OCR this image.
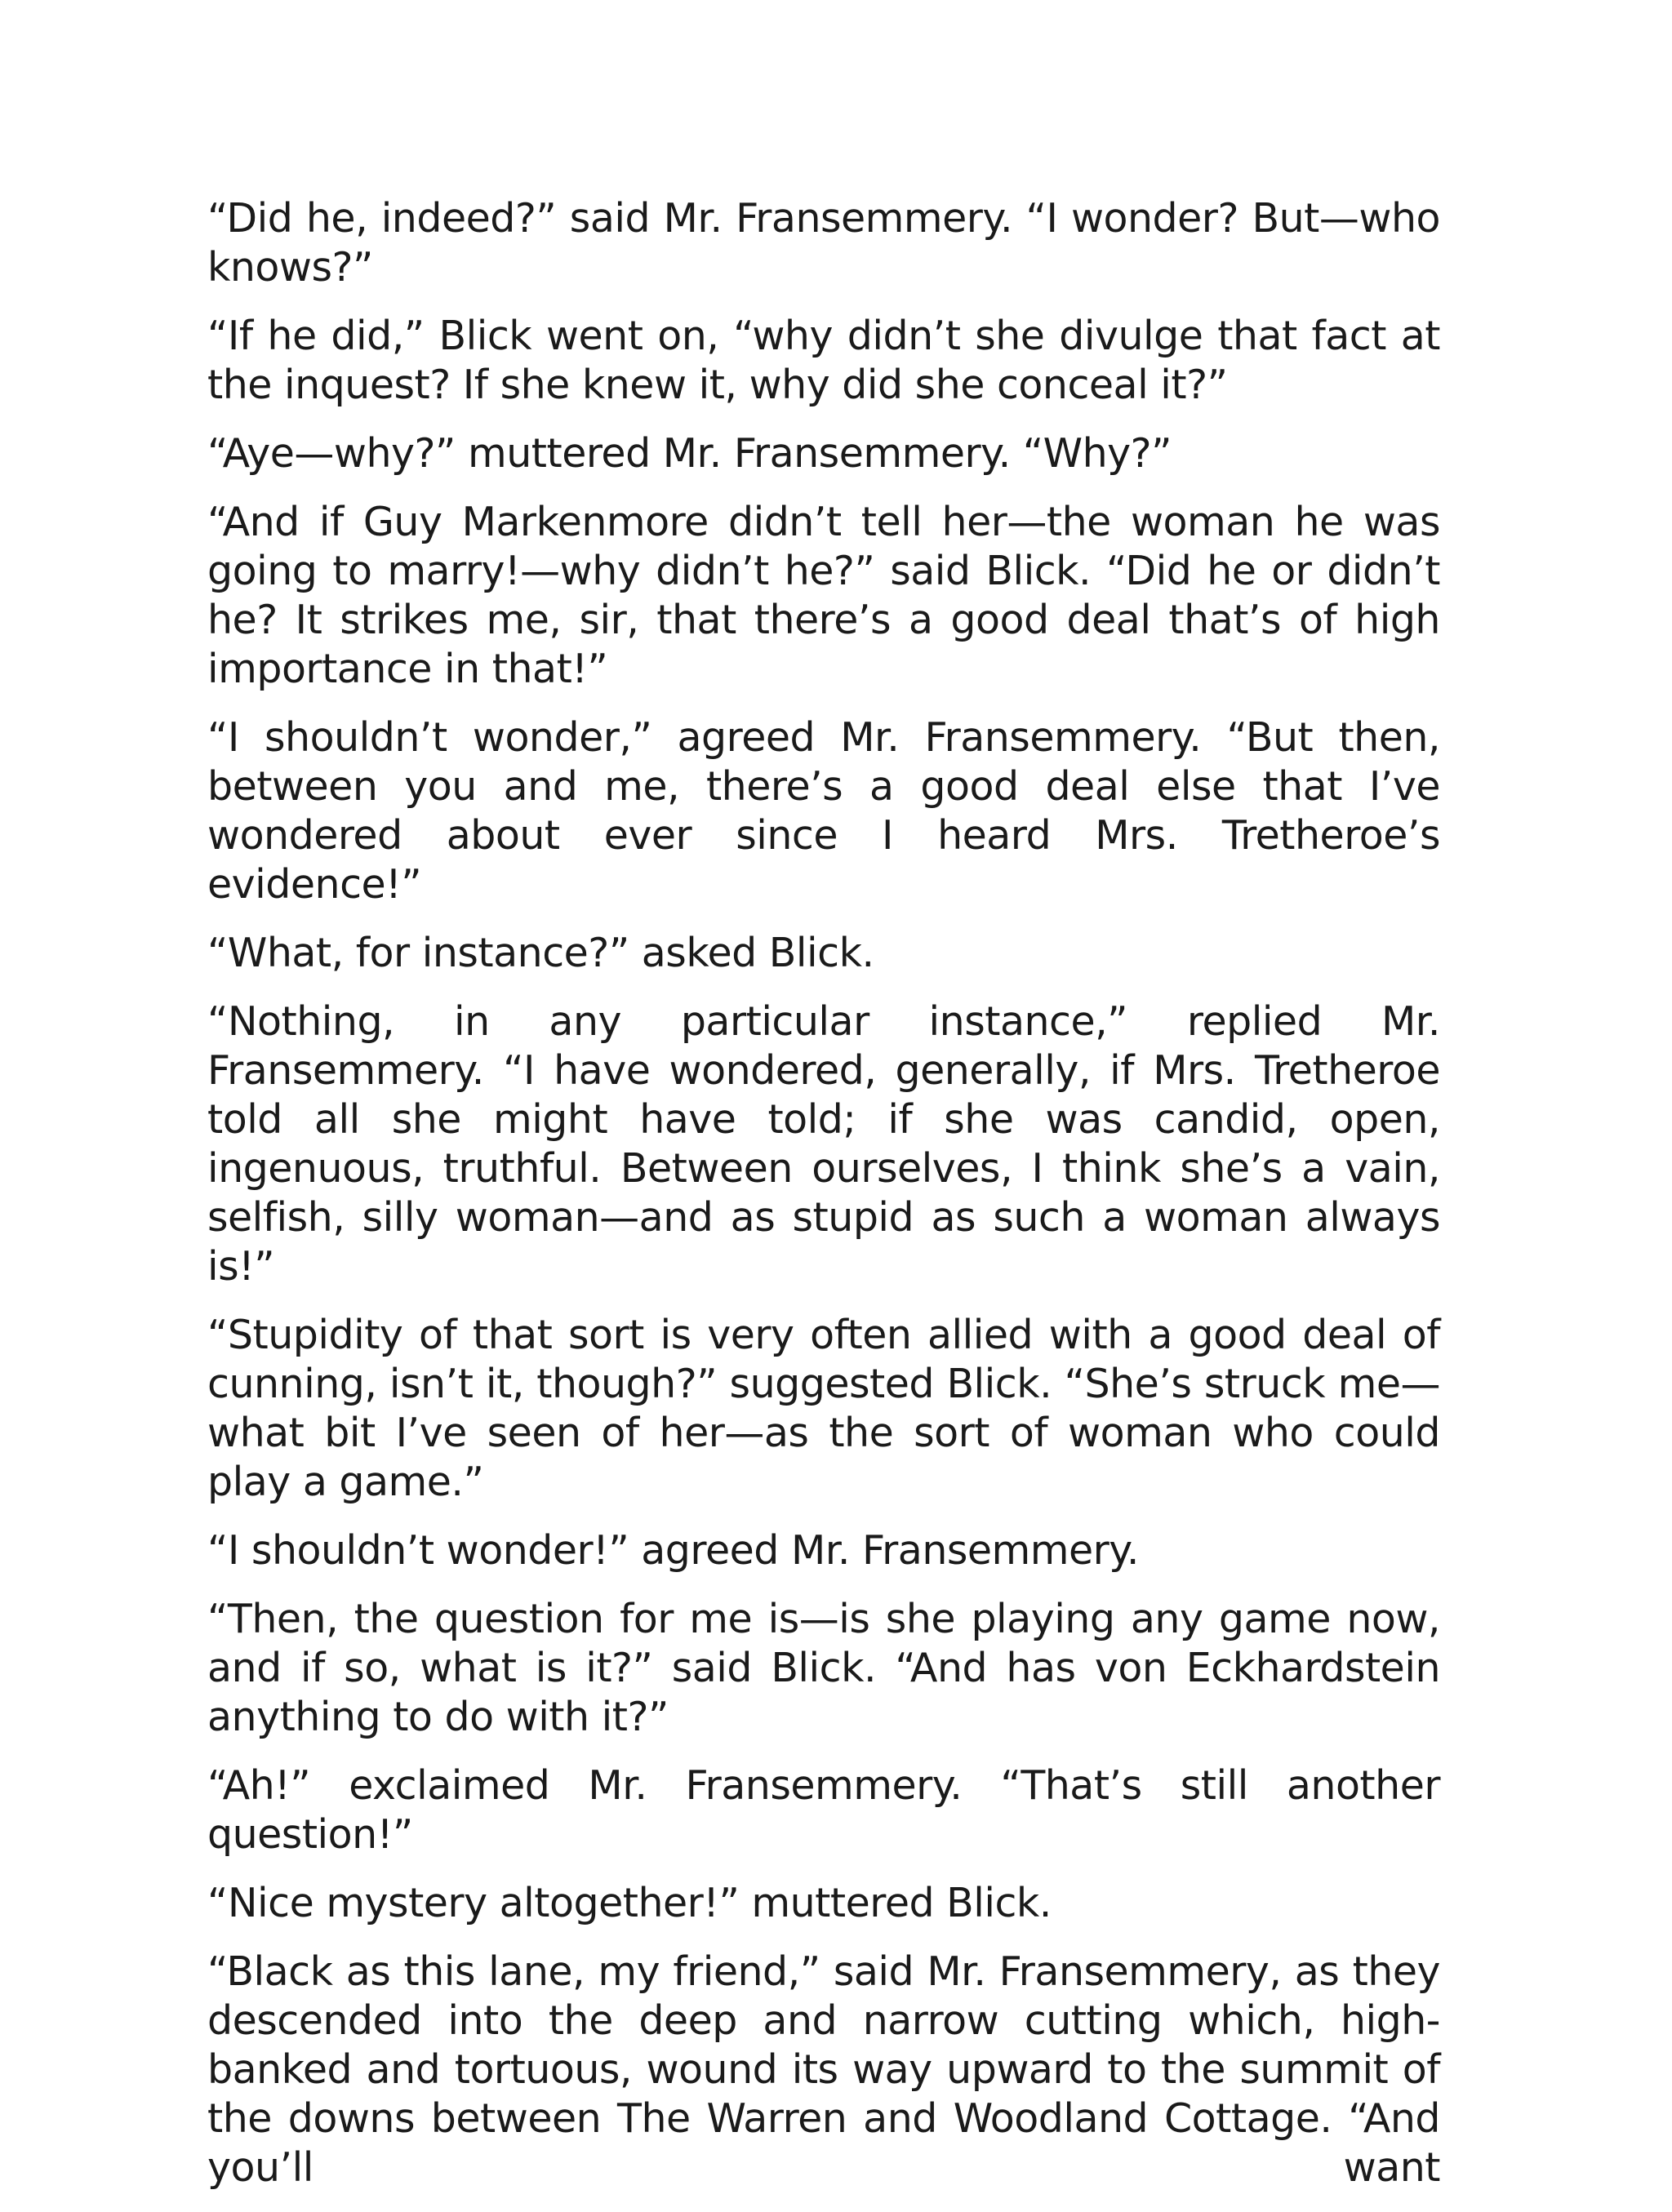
“Did he, indeed?” said Mr. Fransemmery. “I wonder? But—who knows?”

“If he did,” Blick went on, “why didn’t she divulge that fact at the inquest? If she knew it, why did she conceal it?”

“Aye—why?” muttered Mr. Fransemmery. “Why?”

“And if Guy Markenmore didn’t tell her—the woman he was going to marry!—why didn’t he?” said Blick. “Did he or didn’t he? It strikes me, sir, that there’s a good deal that’s of high importance in that!”

“I shouldn’t wonder,” agreed Mr. Fransemmery. “But then, between you and me, there’s a good deal else that I’ve wondered about ever since I heard Mrs. Tretheroe’s evidence!”

“What, for instance?” asked Blick.

“Nothing, in any particular instance,” replied Mr. Fransemmery. “I have wondered, generally, if Mrs. Tretheroe told all she might have told; if she was candid, open, ingenuous, truthful. Between ourselves, I think she’s a vain, selfish, silly woman—and as stupid as such a woman always is!”

“Stupidity of that sort is very often allied with a good deal of cunning, isn’t it, though?” suggested Blick. “She’s struck me—what bit I’ve seen of her—as the sort of woman who could play a game.”

“I shouldn’t wonder!” agreed Mr. Fransemmery.

“Then, the question for me is—is she playing any game now, and if so, what is it?” said Blick. “And has von Eckhardstein anything to do with it?”

“Ah!” exclaimed Mr. Fransemmery. “That’s still another question!”

“Nice mystery altogether!” muttered Blick.

“Black as this lane, my friend,” said Mr. Fransemmery, as they descended into the deep and narrow cutting which, high-banked and tortuous, wound its way upward to the summit of the downs between The Warren and Woodland Cottage. “And you’ll want
